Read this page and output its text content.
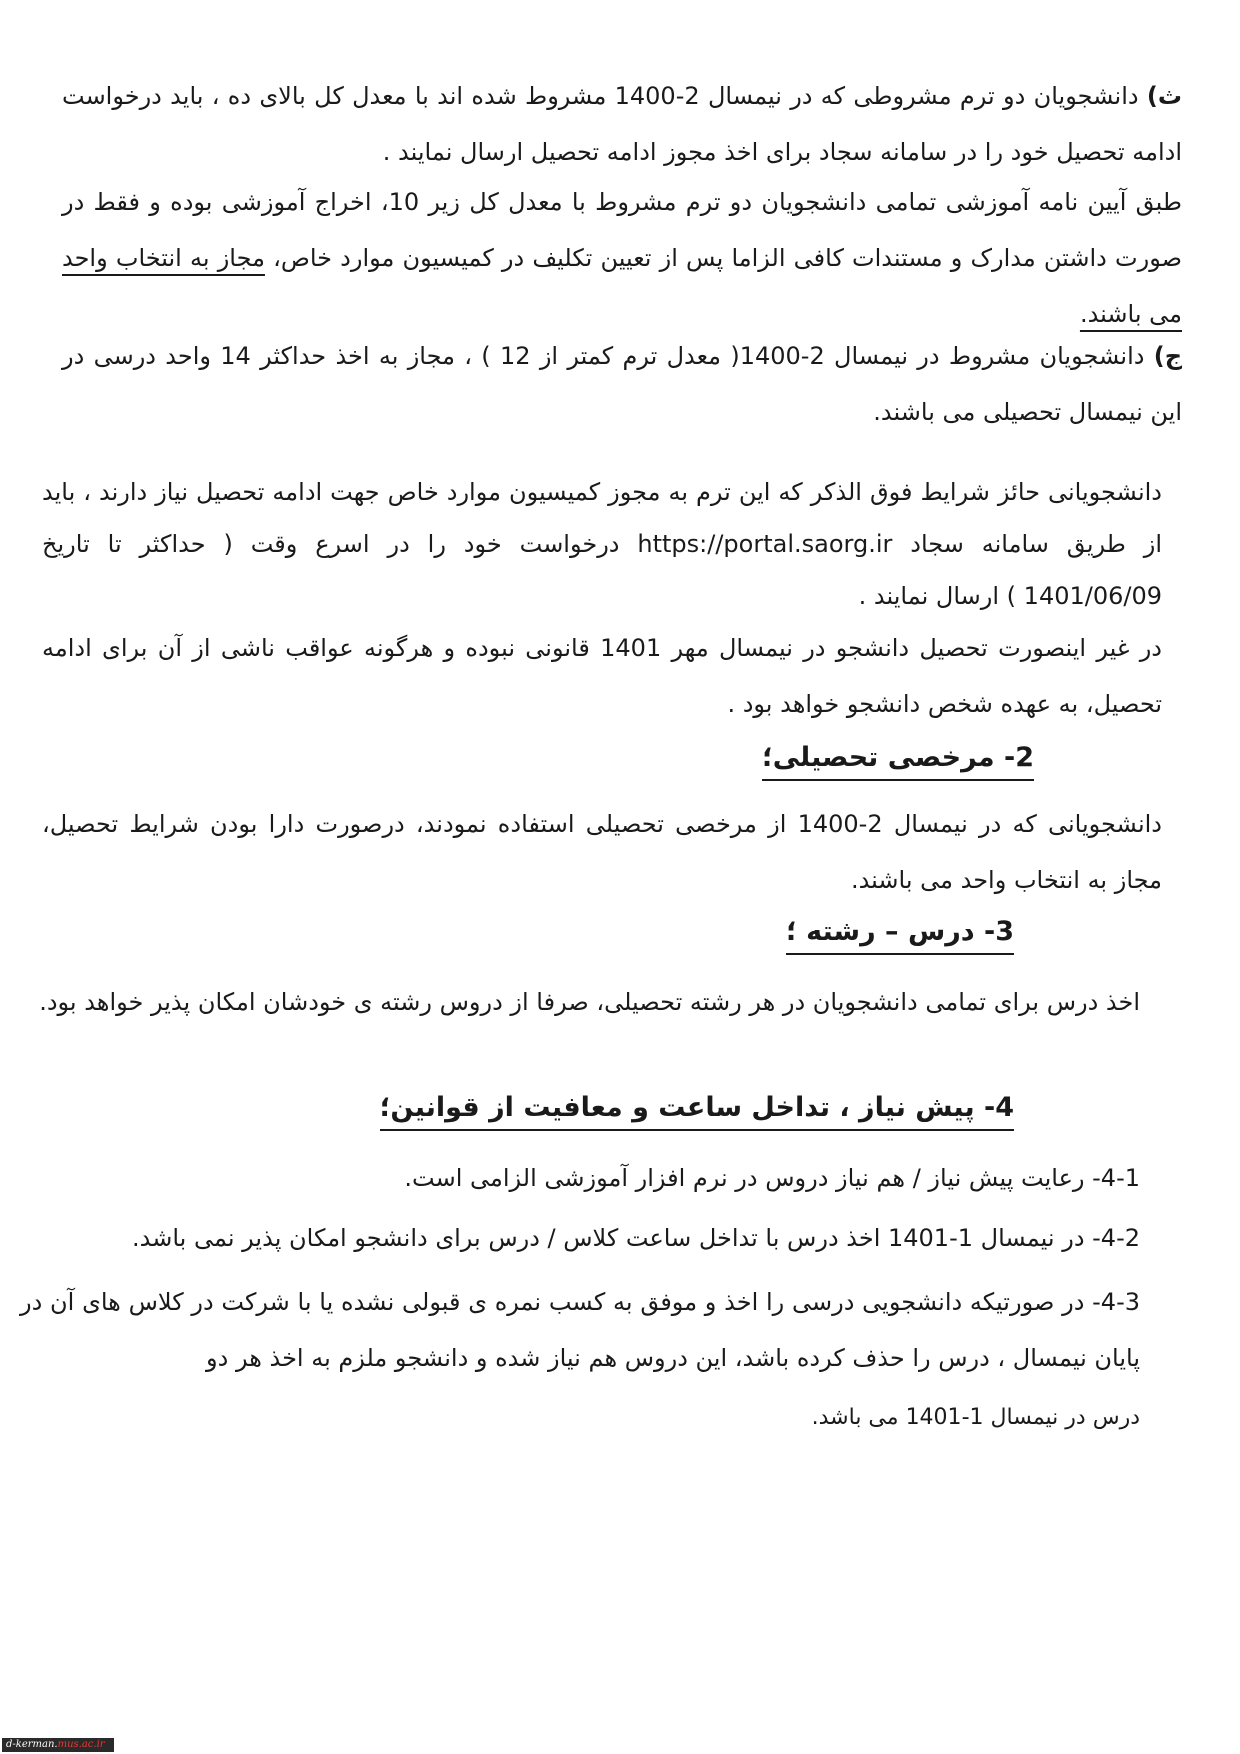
ث) دانشجویان دو ترم مشروطی که در نیمسال 2-1400 مشروط شده اند با معدل کل بالای ده ، باید درخواست ادامه تحصیل خود را در سامانه سجاد برای اخذ مجوز ادامه تحصیل ارسال نمایند .

طبق آیین نامه آموزشی تمامی دانشجویان دو ترم مشروط با معدل کل زیر 10، اخراج آموزشی بوده و فقط در صورت داشتن مدارک و مستندات کافی الزاما پس از تعیین تکلیف در کمیسیون موارد خاص، مجاز به انتخاب واحد می باشند.

ج) دانشجویان مشروط در نیمسال 2-1400( معدل ترم کمتر از 12 ) ، مجاز به اخذ حداکثر 14 واحد درسی در این نیمسال تحصیلی می باشند.

دانشجویانی حائز شرایط فوق الذکر که این ترم به مجوز کمیسیون موارد خاص جهت ادامه تحصیل نیاز دارند ، باید از طریق سامانه سجاد https://portal.saorg.ir درخواست خود را در اسرع وقت ( حداکثر تا تاریخ 1401/06/09 ) ارسال نمایند .

در غیر اینصورت تحصیل دانشجو در نیمسال مهر 1401 قانونی نبوده و هرگونه عواقب ناشی از آن برای ادامه تحصیل، به عهده شخص دانشجو خواهد بود .

2- مرخصی تحصیلی؛

دانشجویانی که در نیمسال 2-1400 از مرخصی تحصیلی استفاده نمودند، درصورت دارا بودن شرایط تحصیل، مجاز به انتخاب واحد می باشند.

3- درس – رشته ؛

اخذ درس برای تمامی دانشجویان در هر رشته تحصیلی، صرفا از دروس رشته ی خودشان امکان پذیر خواهد بود.

4- پیش نیاز ، تداخل ساعت و معافیت از قوانین؛

4-1- رعایت پیش نیاز / هم نیاز دروس در نرم افزار آموزشی الزامی است.

4-2- در نیمسال 1-1401 اخذ درس با تداخل ساعت کلاس / درس برای دانشجو امکان پذیر نمی باشد.

4-3- در صورتیکه دانشجویی درسی را اخذ و موفق به کسب نمره ی قبولی نشده یا با شرکت در کلاس های آن در پایان نیمسال ، درس را حذف کرده باشد، این دروس هم نیاز شده و دانشجو ملزم به اخذ هر دو

درس در نیمسال 1-1401 می باشد.

d-kerman.mus.ac.ir
